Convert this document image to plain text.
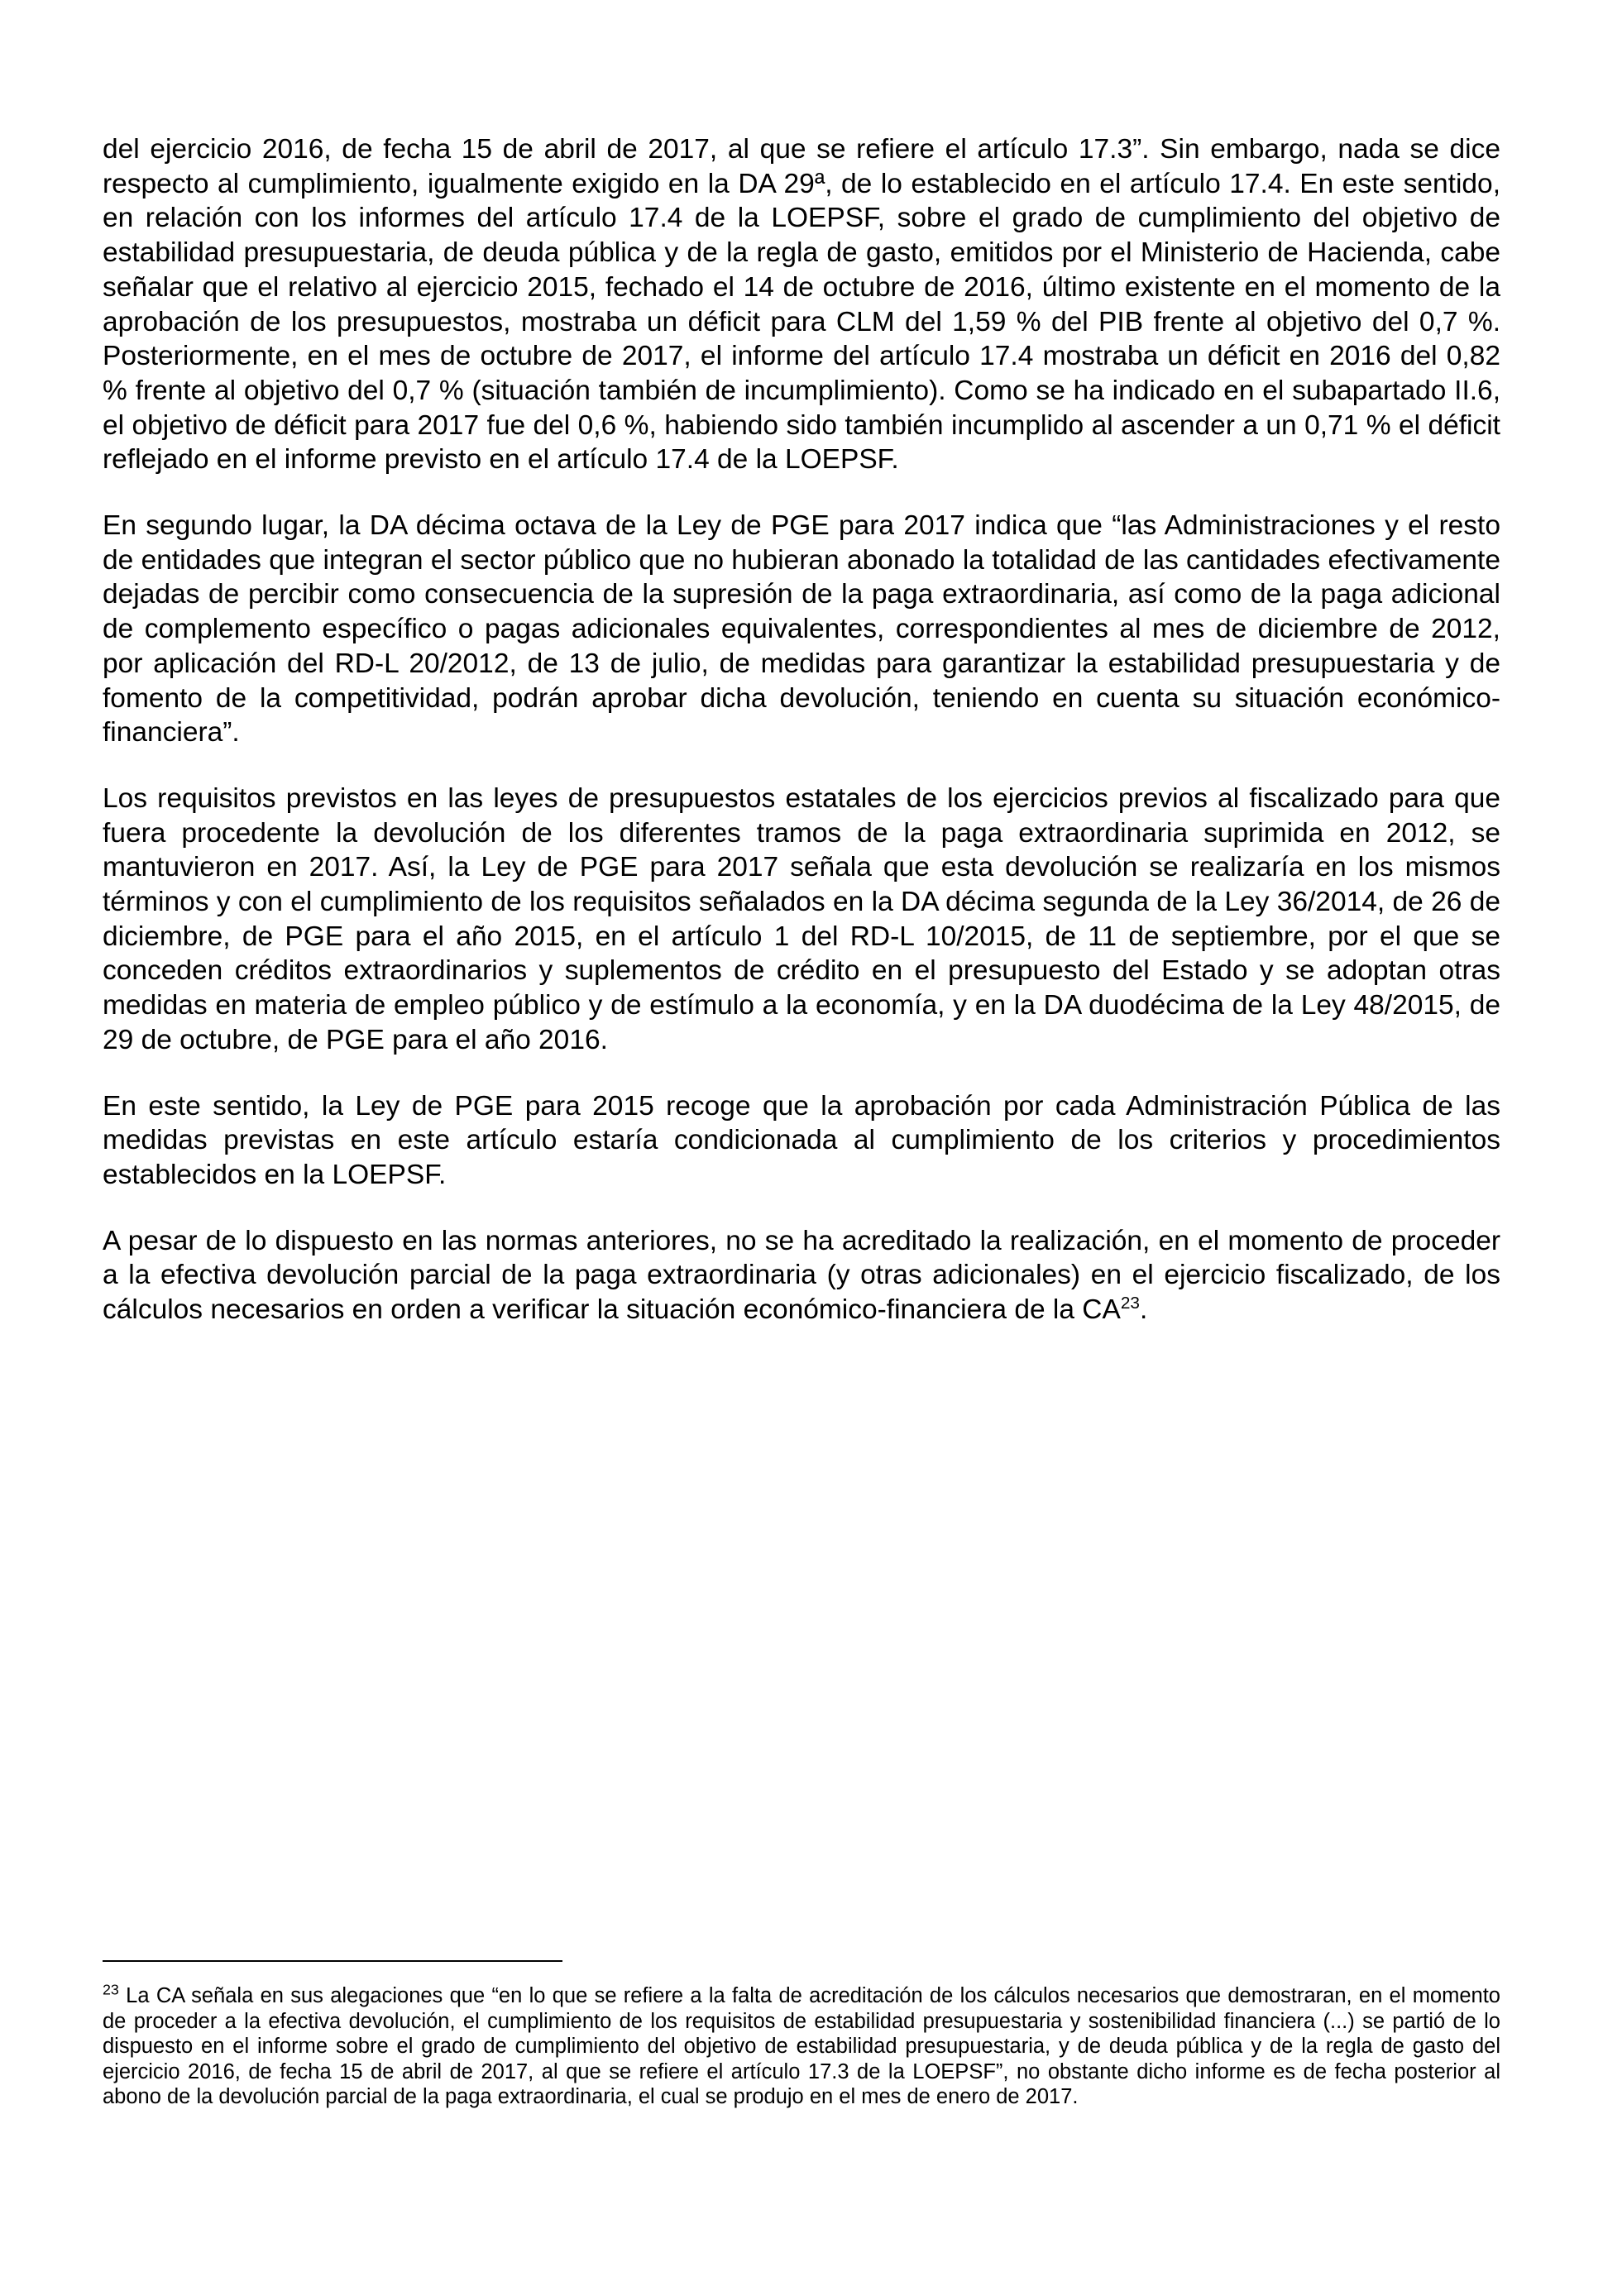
del ejercicio 2016, de fecha 15 de abril de 2017, al que se refiere el artículo 17.3”. Sin embargo, nada se dice respecto al cumplimiento, igualmente exigido en la DA 29ª, de lo establecido en el artículo 17.4. En este sentido, en relación con los informes del artículo 17.4 de la LOEPSF, sobre el grado de cumplimiento del objetivo de estabilidad presupuestaria, de deuda pública y de la regla de gasto, emitidos por el Ministerio de Hacienda, cabe señalar que el relativo al ejercicio 2015, fechado el 14 de octubre de 2016, último existente en el momento de la aprobación de los presupuestos, mostraba un déficit para CLM del 1,59 % del PIB frente al objetivo del 0,7 %. Posteriormente, en el mes de octubre de 2017, el informe del artículo 17.4 mostraba un déficit en 2016 del 0,82 % frente al objetivo del 0,7 % (situación también de incumplimiento). Como se ha indicado en el subapartado II.6, el objetivo de déficit para 2017 fue del 0,6 %, habiendo sido también incumplido al ascender a un 0,71 % el déficit reflejado en el informe previsto en el artículo 17.4 de la LOEPSF.

En segundo lugar, la DA décima octava de la Ley de PGE para 2017 indica que “las Administraciones y el resto de entidades que integran el sector público que no hubieran abonado la totalidad de las cantidades efectivamente dejadas de percibir como consecuencia de la supresión de la paga extraordinaria, así como de la paga adicional de complemento específico o pagas adicionales equivalentes, correspondientes al mes de diciembre de 2012, por aplicación del RD-L 20/2012, de 13 de julio, de medidas para garantizar la estabilidad presupuestaria y de fomento de la competitividad, podrán aprobar dicha devolución, teniendo en cuenta su situación económico-financiera”.

Los requisitos previstos en las leyes de presupuestos estatales de los ejercicios previos al fiscalizado para que fuera procedente la devolución de los diferentes tramos de la paga extraordinaria suprimida en 2012, se mantuvieron en 2017. Así, la Ley de PGE para 2017 señala que esta devolución se realizaría en los mismos términos y con el cumplimiento de los requisitos señalados en la DA décima segunda de la Ley 36/2014, de 26 de diciembre, de PGE para el año 2015, en el artículo 1 del RD-L 10/2015, de 11 de septiembre, por el que se conceden créditos extraordinarios y suplementos de crédito en el presupuesto del Estado y se adoptan otras medidas en materia de empleo público y de estímulo a la economía, y en la DA duodécima de la Ley 48/2015, de 29 de octubre, de PGE para el año 2016.

En este sentido, la Ley de PGE para 2015 recoge que la aprobación por cada Administración Pública de las medidas previstas en este artículo estaría condicionada al cumplimiento de los criterios y procedimientos establecidos en la LOEPSF.

A pesar de lo dispuesto en las normas anteriores, no se ha acreditado la realización, en el momento de proceder a la efectiva devolución parcial de la paga extraordinaria (y otras adicionales) en el ejercicio fiscalizado, de los cálculos necesarios en orden a verificar la situación económico-financiera de la CA$^{23}$.

$^{23}$ La CA señala en sus alegaciones que “en lo que se refiere a la falta de acreditación de los cálculos necesarios que demostraran, en el momento de proceder a la efectiva devolución, el cumplimiento de los requisitos de estabilidad presupuestaria y sostenibilidad financiera (...) se partió de lo dispuesto en el informe sobre el grado de cumplimiento del objetivo de estabilidad presupuestaria, y de deuda pública y de la regla de gasto del ejercicio 2016, de fecha 15 de abril de 2017, al que se refiere el artículo 17.3 de la LOEPSF”, no obstante dicho informe es de fecha posterior al abono de la devolución parcial de la paga extraordinaria, el cual se produjo en el mes de enero de 2017.
